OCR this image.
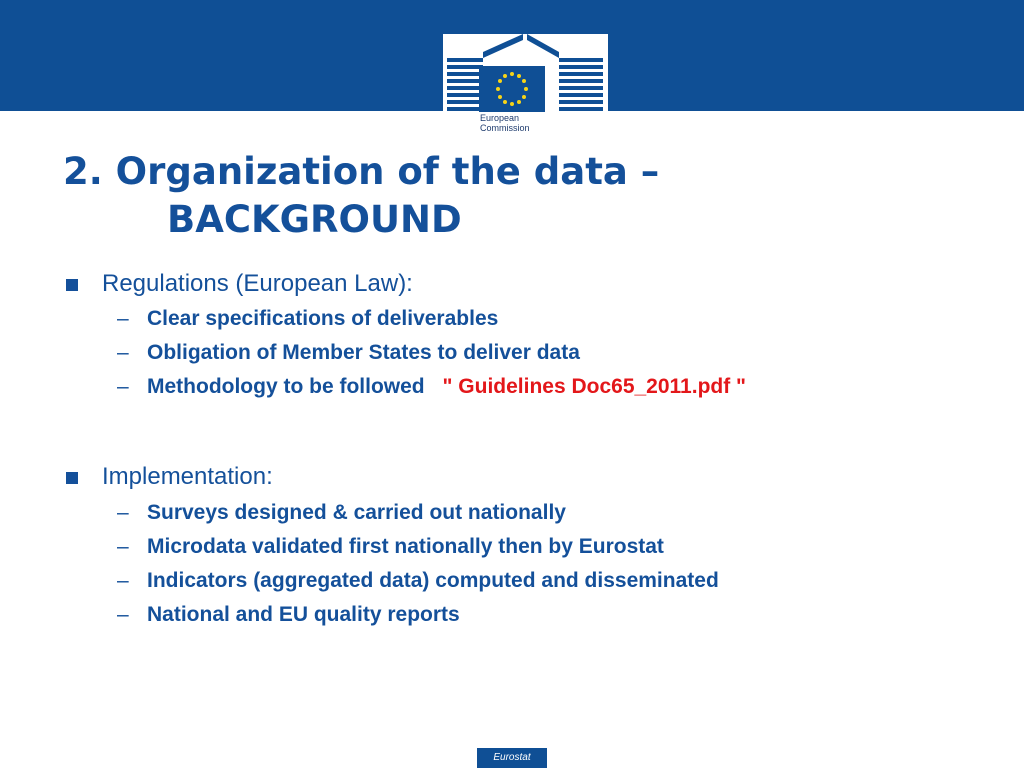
European
Commission
2. Organization of the data –
BACKGROUND
Regulations (European Law):
– Clear specifications of deliverables
– Obligation of Member States to deliver data
– Methodology to be followed " Guidelines Doc65_2011.pdf "
Implementation:
– Surveys designed & carried out nationally
– Microdata validated first nationally then by Eurostat
– Indicators (aggregated data) computed and disseminated
– National and EU quality reports
Eurostat
